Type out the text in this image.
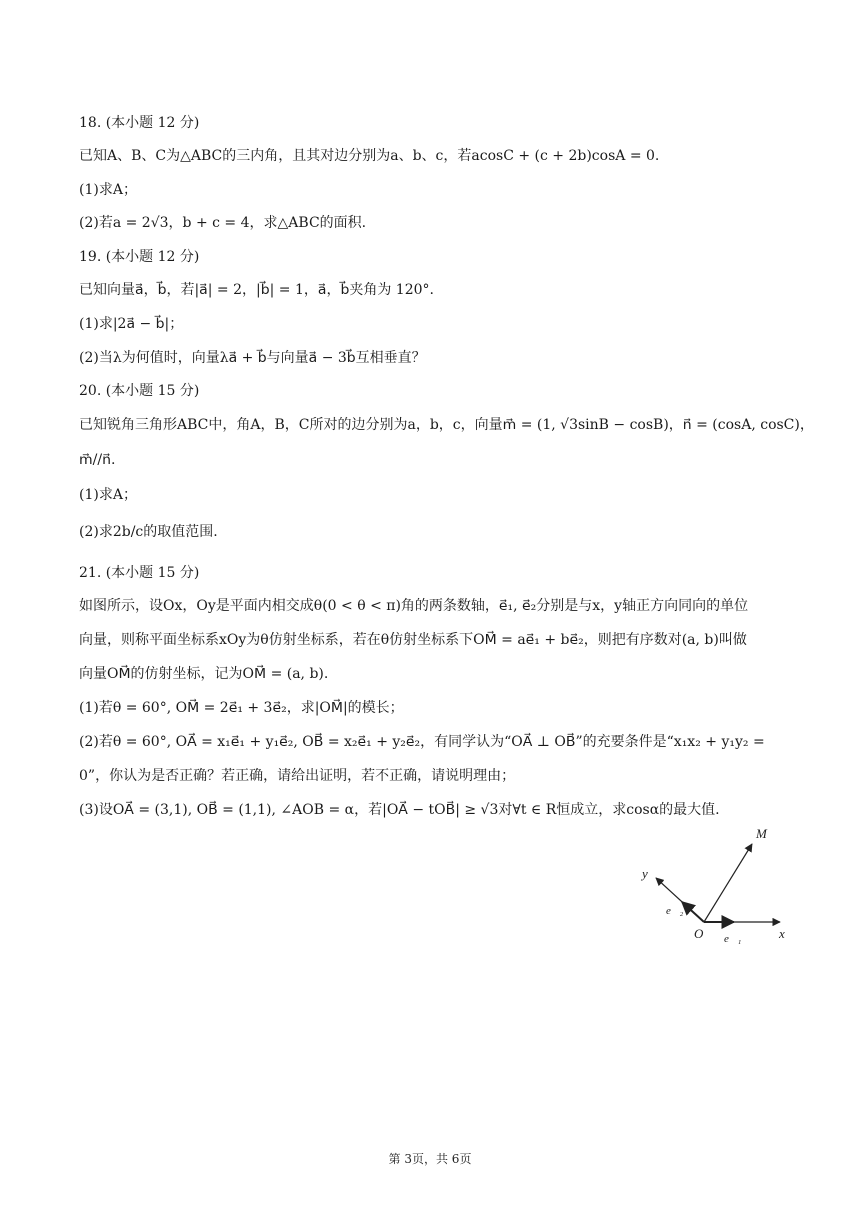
18. (本小题 12 分)
已知A、B、C为△ABC的三内角，且其对边分别为a、b、c，若acosC + (c + 2b)cosA = 0.
(1)求A；
(2)若a = 2√3，b + c = 4，求△ABC的面积.
19. (本小题 12 分)
已知向量a⃗，b⃗，若|a⃗| = 2，|b⃗| = 1，a⃗，b⃗夹角为 120°.
(1)求|2a⃗ − b⃗|；
(2)当λ为何值时，向量λa⃗ + b⃗与向量a⃗ − 3b⃗互相垂直？
20. (本小题 15 分)
已知锐角三角形ABC中，角A，B，C所对的边分别为a，b，c，向量m⃗ = (1, √3sinB − cosB)，n⃗ = (cosA, cosC)，
m⃗//n⃗.
(1)求A；
(2)求2b/c的取值范围.
21. (本小题 15 分)
如图所示，设Ox，Oy是平面内相交成θ(0 < θ < π)角的两条数轴，e⃗₁, e⃗₂分别是与x，y轴正方向同向的单位
向量，则称平面坐标系xOy为θ仿射坐标系，若在θ仿射坐标系下OM⃗ = ae⃗₁ + be⃗₂，则把有序数对(a, b)叫做
向量OM⃗的仿射坐标，记为OM⃗ = (a, b).
(1)若θ = 60°, OM⃗ = 2e⃗₁ + 3e⃗₂，求|OM⃗|的模长；
(2)若θ = 60°, OA⃗ = x₁e⃗₁ + y₁e⃗₂, OB⃗ = x₂e⃗₁ + y₂e⃗₂，有同学认为“OA⃗ ⊥ OB⃗”的充要条件是“x₁x₂ + y₁y₂ =
0”，你认为是否正确？若正确，请给出证明，若不正确，请说明理由；
(3)设OA⃗ = (3,1), OB⃗ = (1,1), ∠AOB = α，若|OA⃗ − tOB⃗| ≥ √3对∀t ∈ R恒成立，求cosα的最大值.
M
y
x
O e⃗₁
e⃗₂
第 3页，共 6页
